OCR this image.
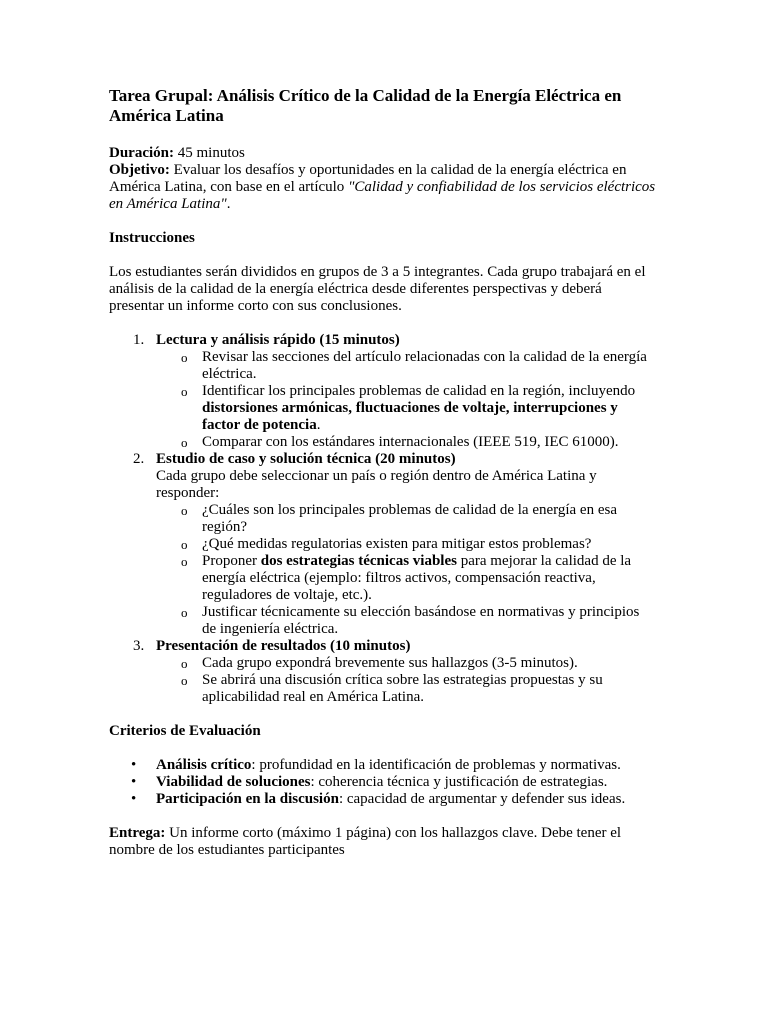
Tarea Grupal: Análisis Crítico de la Calidad de la Energía Eléctrica en América Latina

Duración: 45 minutos

Objetivo: Evaluar los desafíos y oportunidades en la calidad de la energía eléctrica en América Latina, con base en el artículo "Calidad y confiabilidad de los servicios eléctricos en América Latina".

Instrucciones

Los estudiantes serán divididos en grupos de 3 a 5 integrantes. Cada grupo trabajará en el análisis de la calidad de la energía eléctrica desde diferentes perspectivas y deberá presentar un informe corto con sus conclusiones.

1. Lectura y análisis rápido (15 minutos)
o Revisar las secciones del artículo relacionadas con la calidad de la energía eléctrica.
o Identificar los principales problemas de calidad en la región, incluyendo distorsiones armónicas, fluctuaciones de voltaje, interrupciones y factor de potencia.
o Comparar con los estándares internacionales (IEEE 519, IEC 61000).
2. Estudio de caso y solución técnica (20 minutos)
Cada grupo debe seleccionar un país o región dentro de América Latina y responder:
o ¿Cuáles son los principales problemas de calidad de la energía en esa región?
o ¿Qué medidas regulatorias existen para mitigar estos problemas?
o Proponer dos estrategias técnicas viables para mejorar la calidad de la energía eléctrica (ejemplo: filtros activos, compensación reactiva, reguladores de voltaje, etc.).
o Justificar técnicamente su elección basándose en normativas y principios de ingeniería eléctrica.
3. Presentación de resultados (10 minutos)
o Cada grupo expondrá brevemente sus hallazgos (3-5 minutos).
o Se abrirá una discusión crítica sobre las estrategias propuestas y su aplicabilidad real en América Latina.

Criterios de Evaluación

• Análisis crítico: profundidad en la identificación de problemas y normativas.
• Viabilidad de soluciones: coherencia técnica y justificación de estrategias.
• Participación en la discusión: capacidad de argumentar y defender sus ideas.

Entrega: Un informe corto (máximo 1 página) con los hallazgos clave. Debe tener el nombre de los estudiantes participantes
